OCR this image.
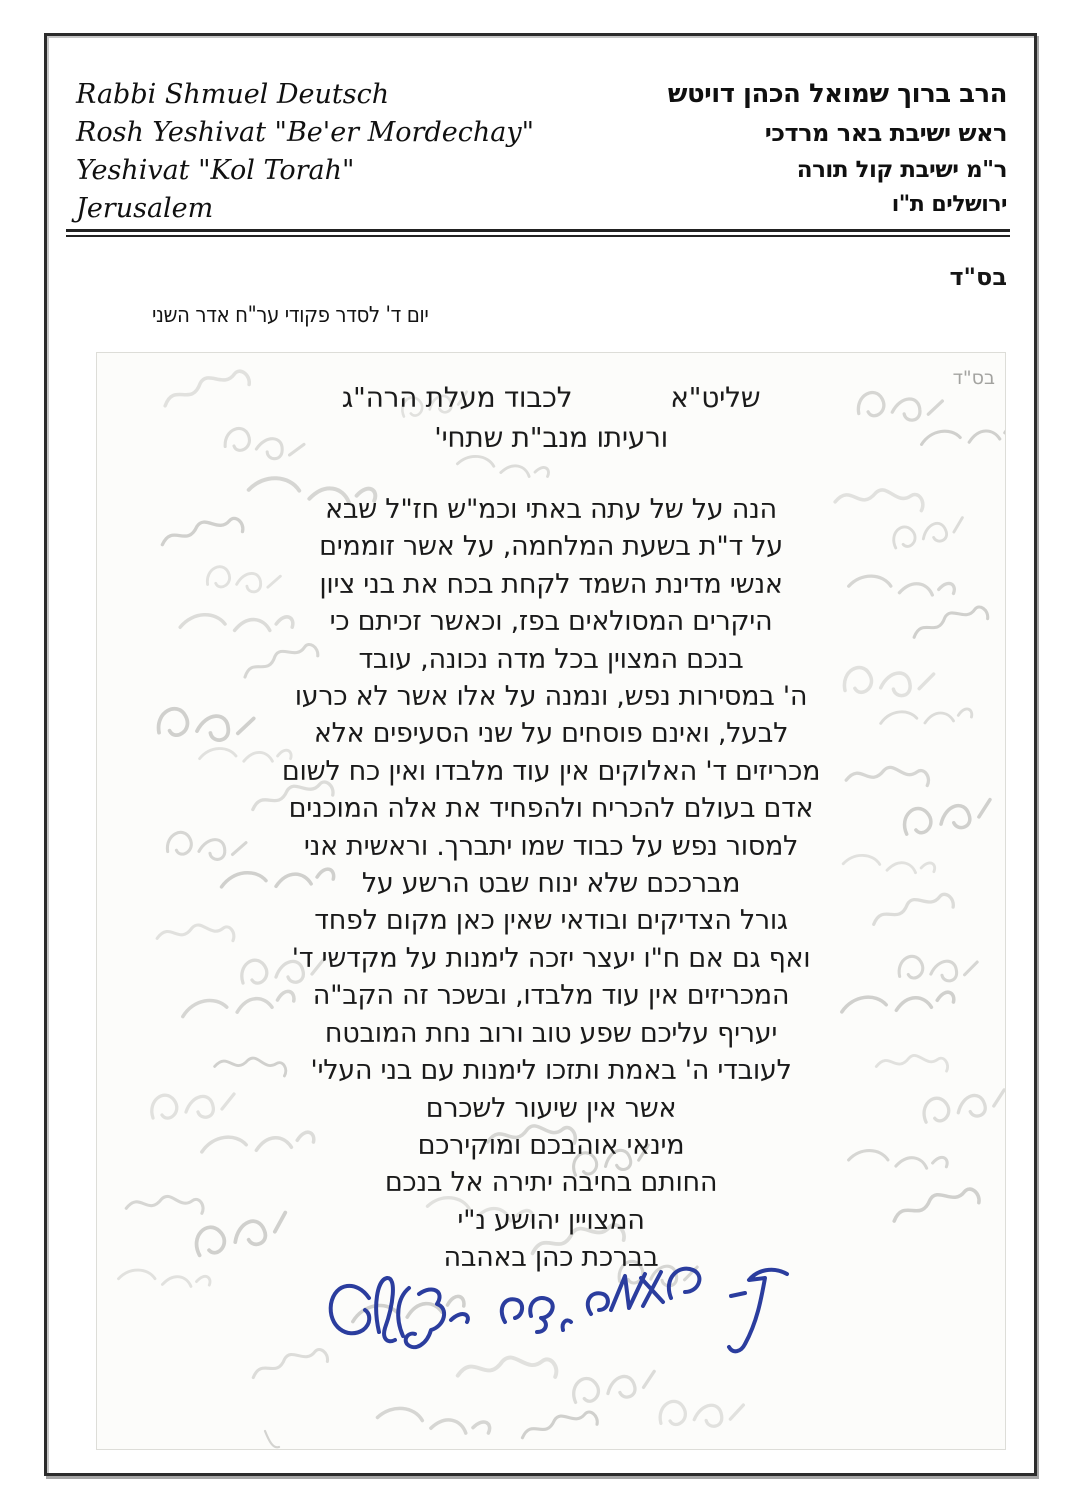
Rabbi Shmuel Deutsch
Rosh Yeshivat "Be'er Mordechay"
Yeshivat "Kol Torah"
Jerusalem
הרב ברוך שמואל הכהן דויטש
ראש ישיבת באר מרדכי
ר"מ ישיבת קול תורה
ירושלים ת"ו
בס"ד
יום ד' לסדר פקודי ער"ח אדר השני
בס"ד
לכבוד מעלת הרה"ג	שליט"א
ורעיתו מנב"ת שתחי'
הנה על של עתה באתי וכמ"ש חז"ל שבא
על ד"ת בשעת המלחמה, על אשר זוממים
אנשי מדינת השמד לקחת בכח את בני ציון
היקרים המסולאים בפז, וכאשר זכיתם כי
בנכם המצוין בכל מדה נכונה, עובד
ה' במסירות נפש, ונמנה על אלו אשר לא כרעו
לבעל, ואינם פוסחים על שני הסעיפים אלא
מכריזים ד' האלוקים אין עוד מלבדו ואין כח לשום
אדם בעולם להכריח ולהפחיד את אלה המוכנים
למסור נפש על כבוד שמו יתברך. וראשית אני
מברככם שלא ינוח שבט הרשע על
גורל הצדיקים ובודאי שאין כאן מקום לפחד
ואף גם אם ח"ו יעצר יזכה לימנות על מקדשי ד'
המכריזים אין עוד מלבדו, ובשכר זה הקב"ה
יעריף עליכם שפע טוב ורוב נחת המובטח
לעובדי ה' באמת ותזכו לימנות עם בני העלי'
אשר אין שיעור לשכרם
מינאי אוהבכם ומוקירכם
החותם בחיבה יתירה אל בנכם
המצויין יהושע נ"י
בברכת כהן באהבה
